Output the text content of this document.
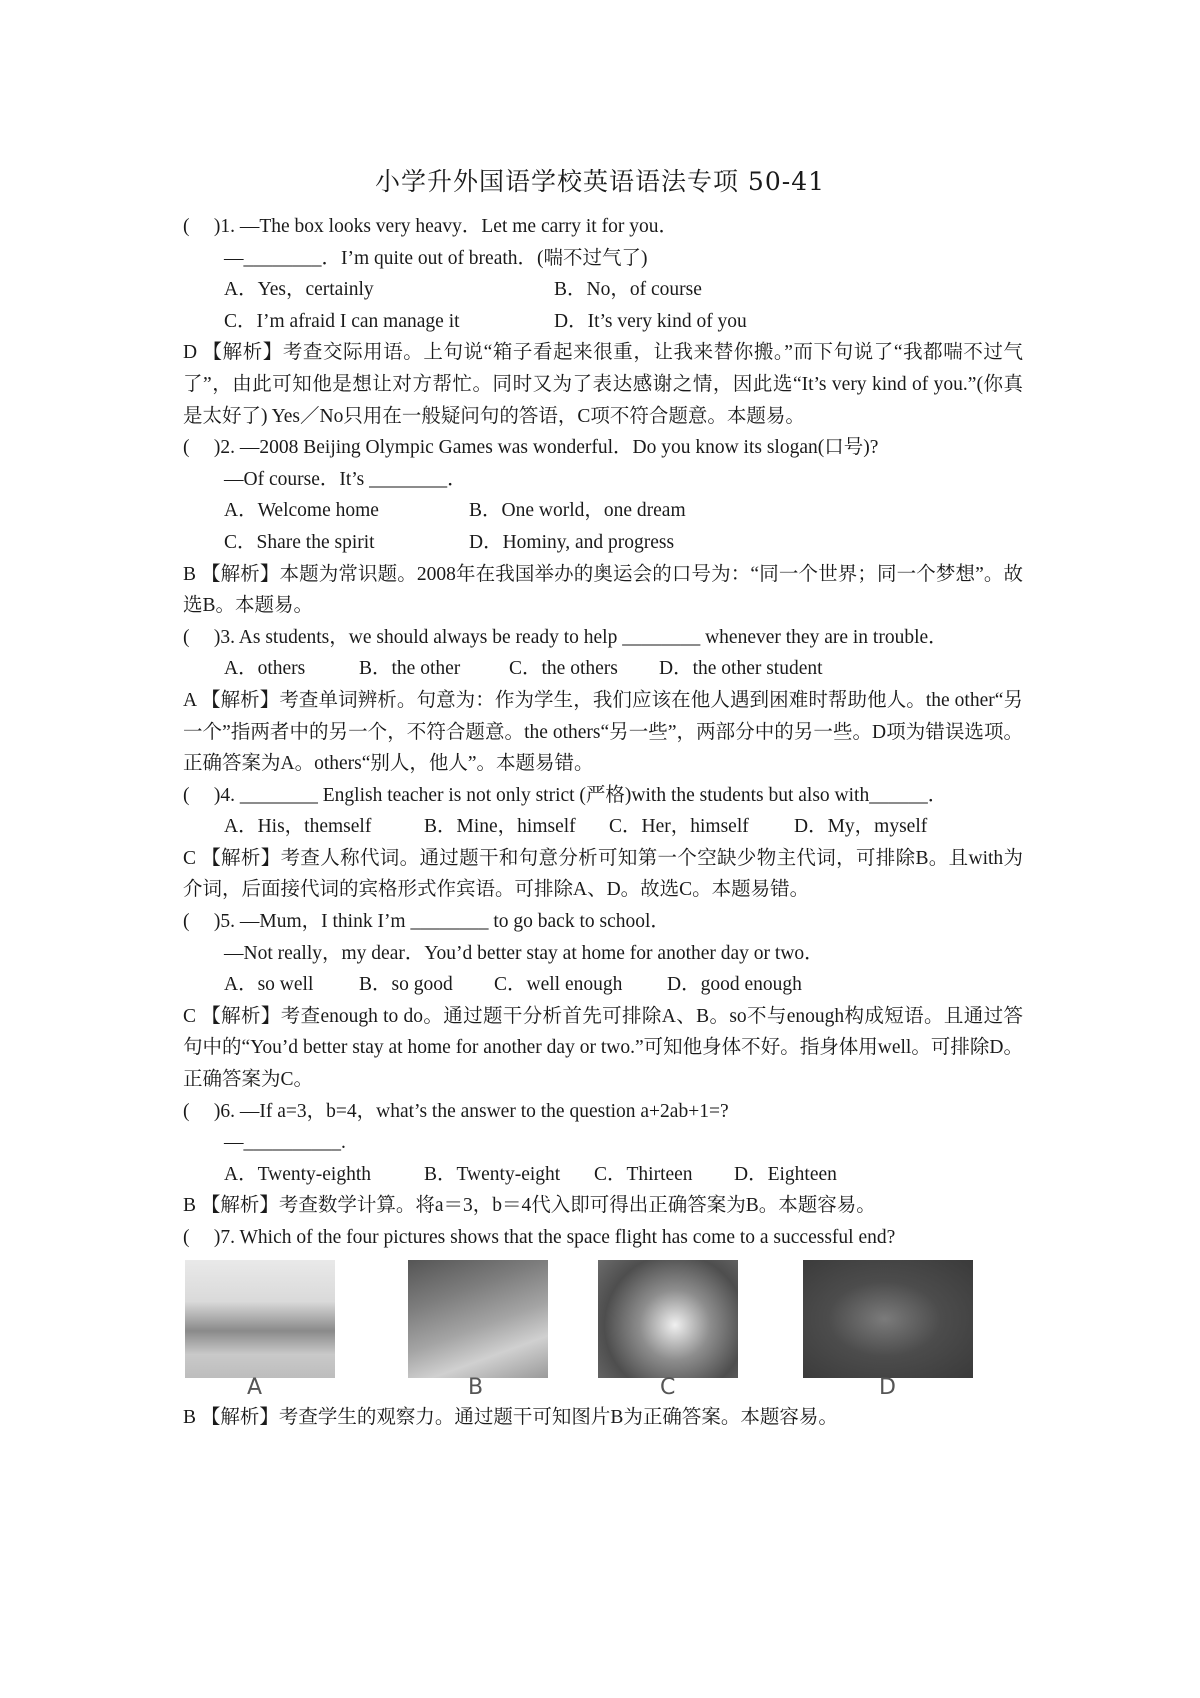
小学升外国语学校英语语法专项 50-41
(　 )1. —The box looks very heavy．Let me carry it for you．
—________．I’m quite out of breath．(喘不过气了)
A．Yes，certainly	B．No，of course
C．I’m afraid I can manage it	D．It’s very kind of you
D 【解析】考查交际用语。上句说“箱子看起来很重，让我来替你搬。”而下句说了“我都喘不过气了”，由此可知他是想让对方帮忙。同时又为了表达感谢之情，因此选“It’s very kind of you.”(你真是太好了) Yes／No只用在一般疑问句的答语，C项不符合题意。本题易。
(　 )2. —2008 Beijing Olympic Games was wonderful．Do you know its slogan(口号)?
—Of course．It’s ________．
A．Welcome home	B．One world，one dream
C．Share the spirit	D．Hominy, and progress
B 【解析】本题为常识题。2008年在我国举办的奥运会的口号为：“同一个世界；同一个梦想”。故选B。本题易。
(　 )3. As students，we should always be ready to help ________ whenever they are in trouble．
A．others	B．the other C．the others D．the other student
A 【解析】考查单词辨析。句意为：作为学生，我们应该在他人遇到困难时帮助他人。the other“另一个”指两者中的另一个，不符合题意。the others“另一些”，两部分中的另一些。D项为错误选项。正确答案为A。others“别人，他人”。本题易错。
(　 )4. ________ English teacher is not only strict (严格)with the students but also with______．
A．His，themself	B．Mine，himself C．Her，himself D．My，myself
C 【解析】考查人称代词。通过题干和句意分析可知第一个空缺少物主代词，可排除B。且with为介词，后面接代词的宾格形式作宾语。可排除A、D。故选C。本题易错。
(　 )5. —Mum，I think I’m ________ to go back to school．
—Not really，my dear．You’d better stay at home for another day or two．
A．so well B．so good C．well enough D．good enough
C 【解析】考查enough to do。通过题干分析首先可排除A、B。so不与enough构成短语。且通过答句中的“You’d better stay at home for another day or two.”可知他身体不好。指身体用well。可排除D。正确答案为C。
(　 )6. —If a=3，b=4，what’s the answer to the question a+2ab+1=?
—__________.
A．Twenty-eighth	B．Twenty-eight C．Thirteen D．Eighteen
B 【解析】考查数学计算。将a＝3，b＝4代入即可得出正确答案为B。本题容易。
(　 )7. Which of the four pictures shows that the space flight has come to a successful end?
A	B	C	D
B 【解析】考查学生的观察力。通过题干可知图片B为正确答案。本题容易。
